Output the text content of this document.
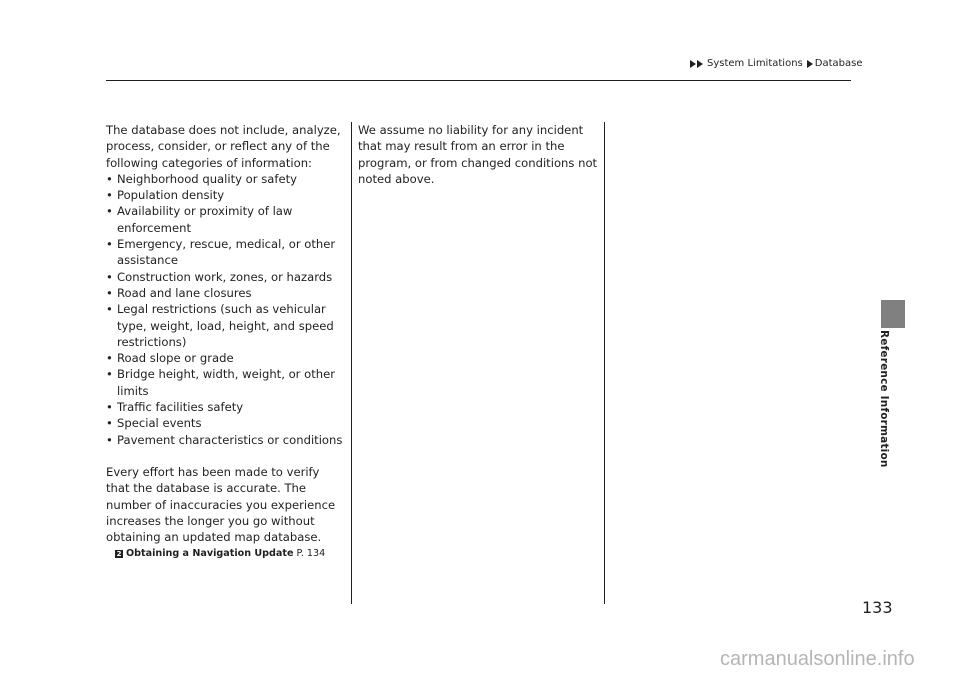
System Limitations Database
Reference Information

The database does not include, analyze, process, consider, or reflect any of the following categories of information:

• Neighborhood quality or safety
• Population density
• Availability or proximity of law enforcement
• Emergency, rescue, medical, or other assistance
• Construction work, zones, or hazards
• Road and lane closures
• Legal restrictions (such as vehicular type, weight, load, height, and speed restrictions)
• Road slope or grade
• Bridge height, width, weight, or other limits
• Traffic facilities safety
• Special events
• Pavement characteristics or conditions

Every effort has been made to verify that the database is accurate. The number of inaccuracies you experience increases the longer you go without obtaining an updated map database.

2 Obtaining a Navigation Update P. 134

We assume no liability for any incident that may result from an error in the program, or from changed conditions not noted above.

133
carmanualsonline.info
